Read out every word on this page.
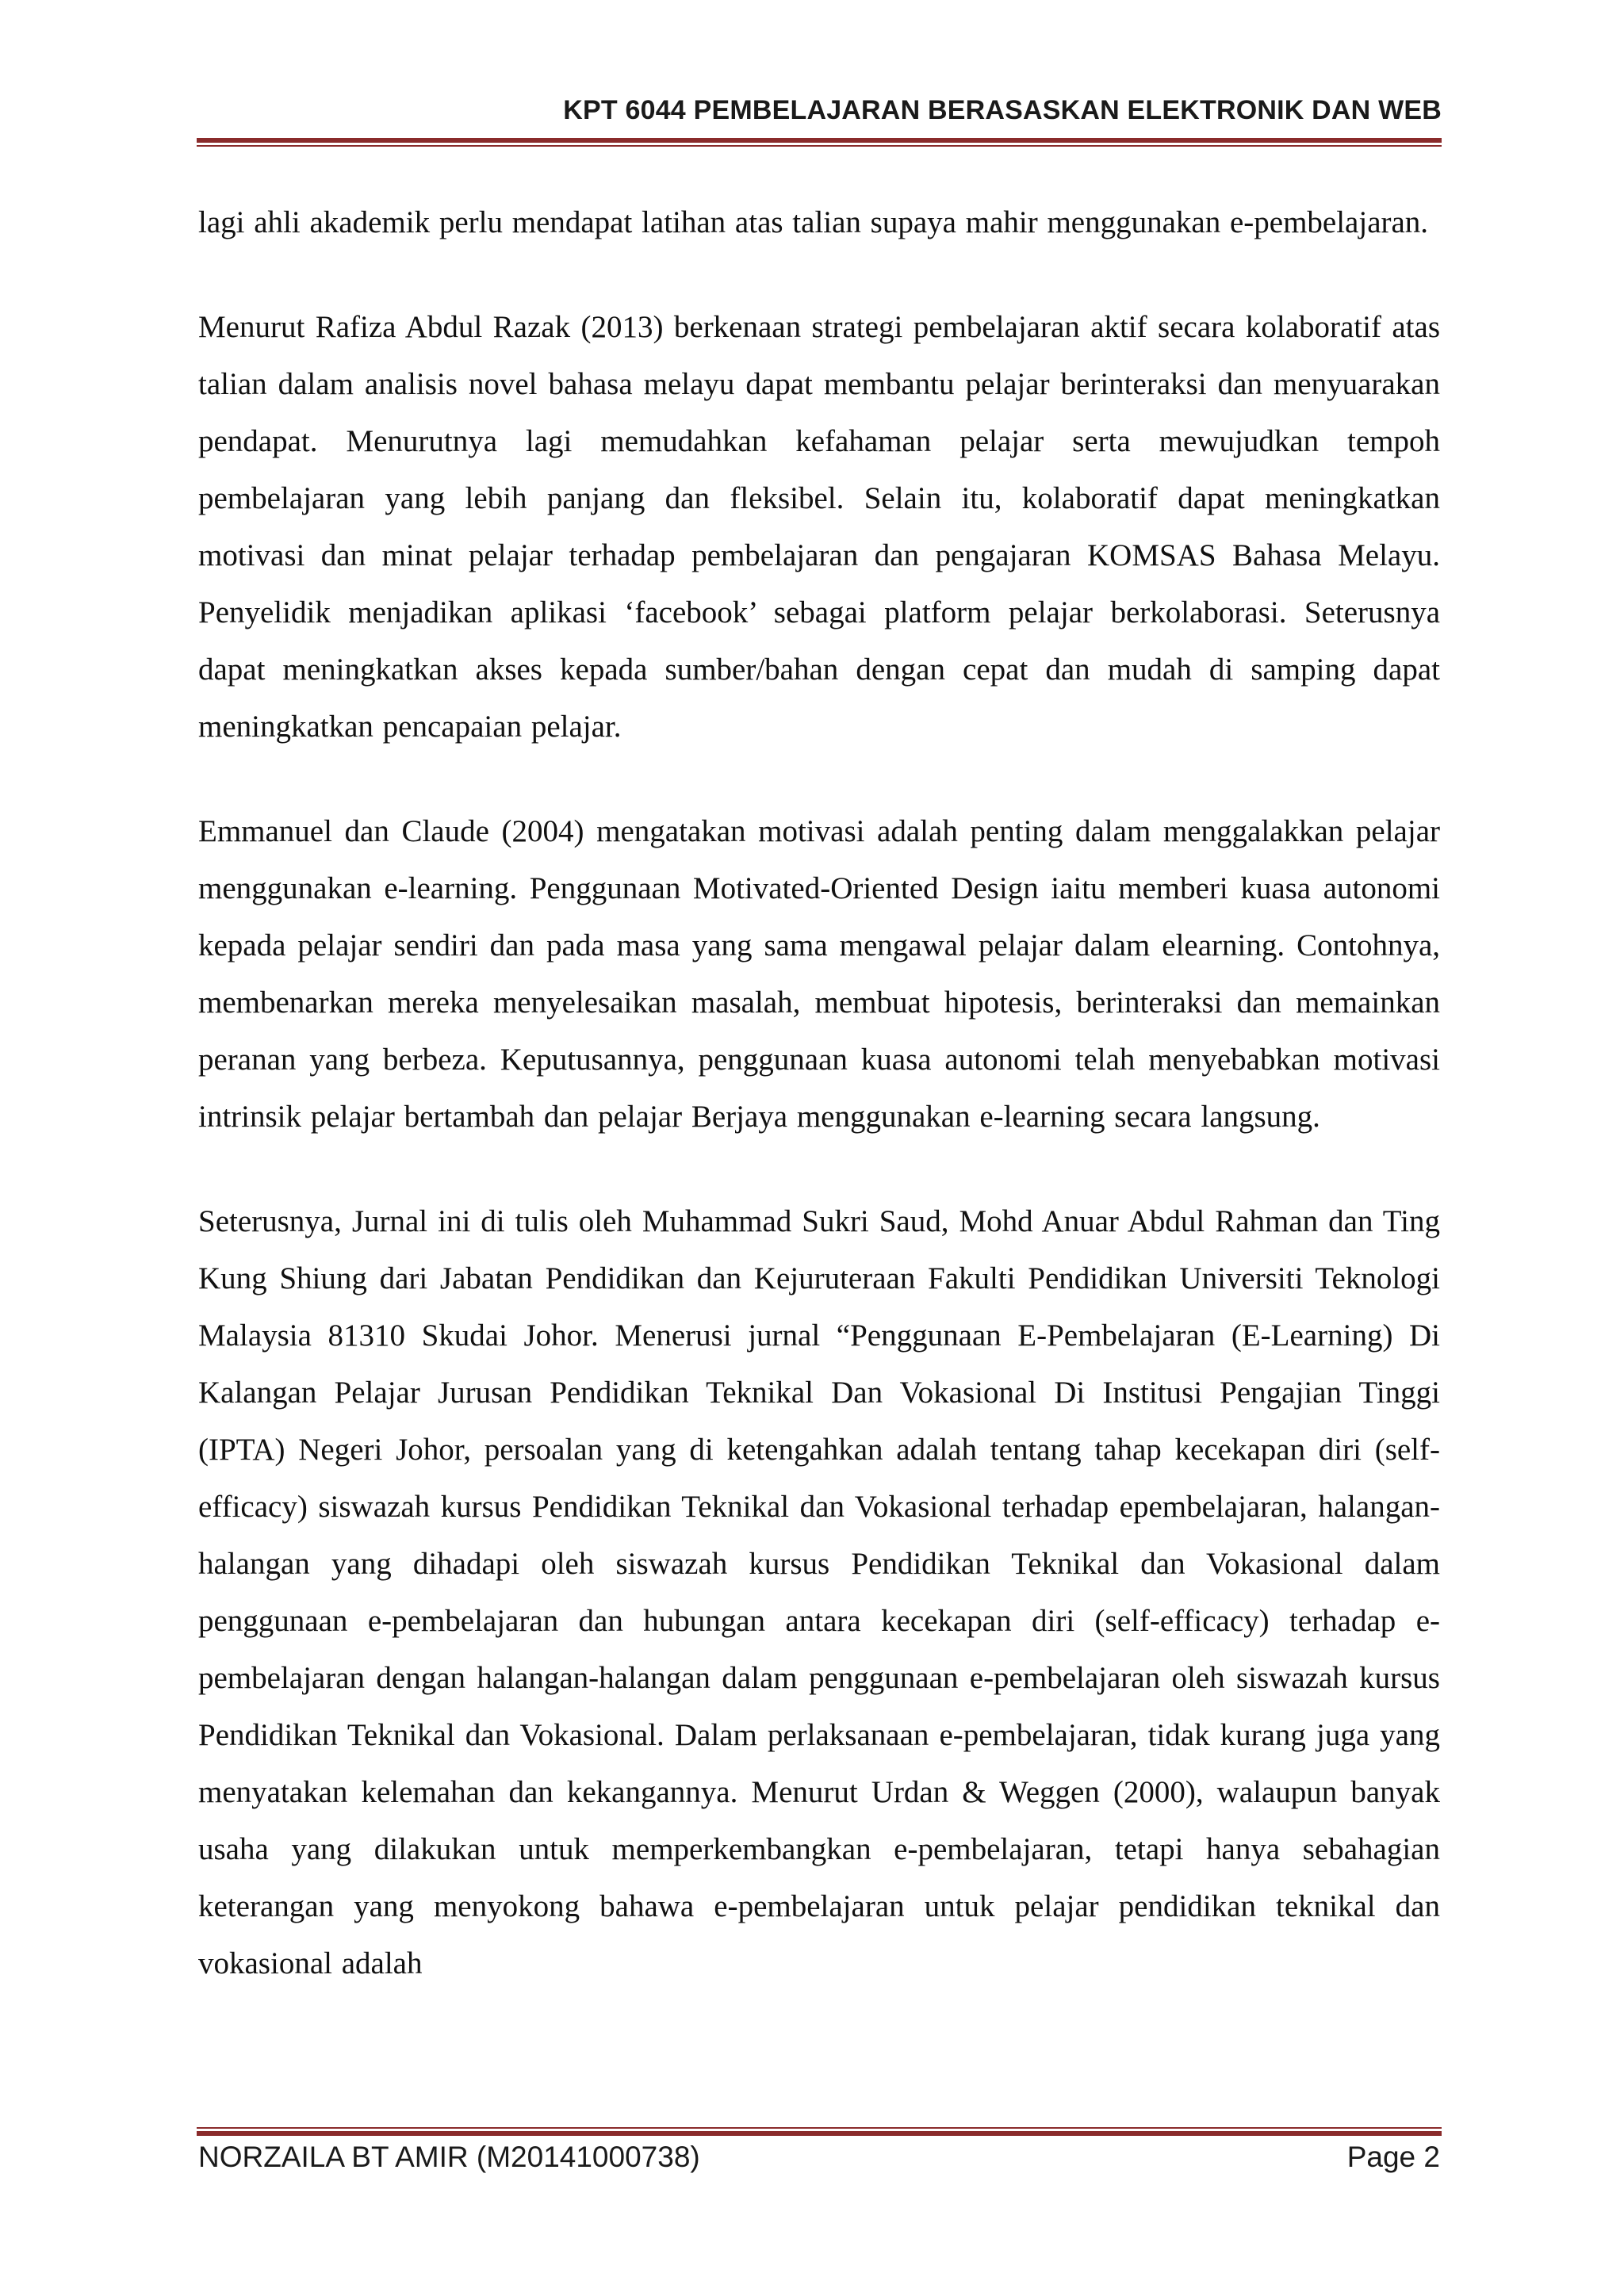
KPT 6044 PEMBELAJARAN BERASASKAN ELEKTRONIK DAN WEB

lagi ahli akademik perlu mendapat latihan atas talian supaya mahir menggunakan e-pembelajaran.

Menurut Rafiza Abdul Razak (2013) berkenaan strategi pembelajaran aktif secara kolaboratif atas talian dalam analisis novel bahasa melayu dapat membantu pelajar berinteraksi dan menyuarakan pendapat. Menurutnya lagi memudahkan kefahaman pelajar serta mewujudkan tempoh pembelajaran yang lebih panjang dan fleksibel. Selain itu, kolaboratif dapat meningkatkan motivasi dan minat pelajar terhadap pembelajaran dan pengajaran KOMSAS Bahasa Melayu. Penyelidik menjadikan aplikasi ‘facebook’ sebagai platform pelajar berkolaborasi. Seterusnya dapat meningkatkan akses kepada sumber/bahan dengan cepat dan mudah di samping dapat meningkatkan pencapaian pelajar.

Emmanuel dan Claude (2004) mengatakan motivasi adalah penting dalam menggalakkan pelajar menggunakan e-learning. Penggunaan Motivated-Oriented Design iaitu memberi kuasa autonomi kepada pelajar sendiri dan pada masa yang sama mengawal pelajar dalam elearning. Contohnya, membenarkan mereka menyelesaikan masalah, membuat hipotesis, berinteraksi dan memainkan peranan yang berbeza. Keputusannya, penggunaan kuasa autonomi telah menyebabkan motivasi intrinsik pelajar bertambah dan pelajar Berjaya menggunakan e-learning secara langsung.

Seterusnya, Jurnal ini di tulis oleh Muhammad Sukri Saud, Mohd Anuar Abdul Rahman dan Ting Kung Shiung dari Jabatan Pendidikan dan Kejuruteraan Fakulti Pendidikan Universiti Teknologi Malaysia 81310 Skudai Johor. Menerusi jurnal “Penggunaan E-Pembelajaran (E-Learning) Di Kalangan Pelajar Jurusan Pendidikan Teknikal Dan Vokasional Di Institusi Pengajian Tinggi (IPTA) Negeri Johor, persoalan yang di ketengahkan adalah tentang tahap kecekapan diri (self-efficacy) siswazah kursus Pendidikan Teknikal dan Vokasional terhadap epembelajaran, halangan-halangan yang dihadapi oleh siswazah kursus Pendidikan Teknikal dan Vokasional dalam penggunaan e-pembelajaran dan hubungan antara kecekapan diri (self-efficacy) terhadap e-pembelajaran dengan halangan-halangan dalam penggunaan e-pembelajaran oleh siswazah kursus Pendidikan Teknikal dan Vokasional. Dalam perlaksanaan e-pembelajaran, tidak kurang juga yang menyatakan kelemahan dan kekangannya. Menurut Urdan & Weggen (2000), walaupun banyak usaha yang dilakukan untuk memperkembangkan e-pembelajaran, tetapi hanya sebahagian keterangan yang menyokong bahawa e-pembelajaran untuk pelajar pendidikan teknikal dan vokasional adalah

NORZAILA BT AMIR (M20141000738)	Page 2
